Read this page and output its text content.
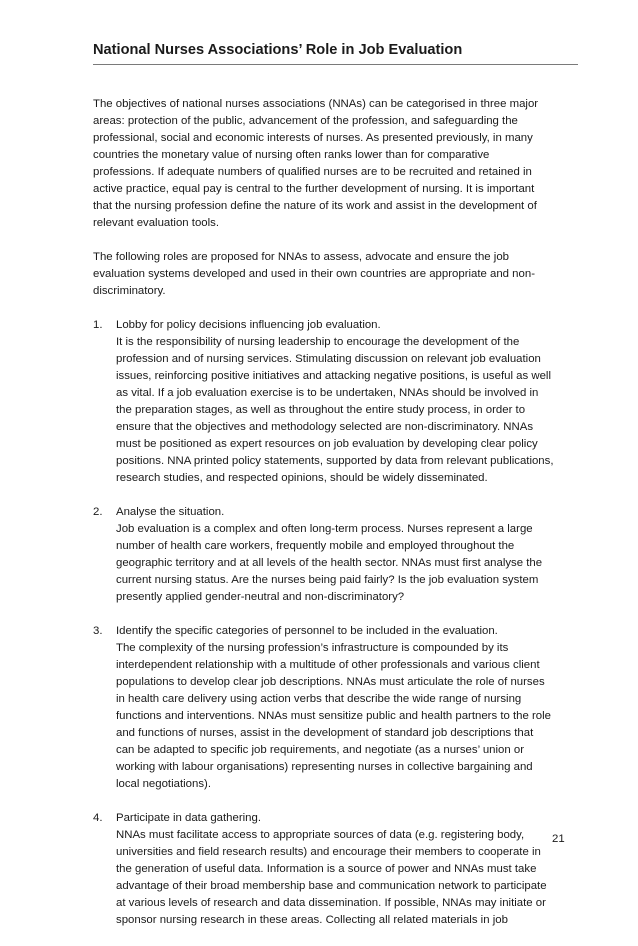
National Nurses Associations’ Role in Job Evaluation
The objectives of national nurses associations (NNAs) can be categorised in three major
areas: protection of the public, advancement of the profession, and safeguarding the
professional, social and economic interests of nurses. As presented previously, in many
countries the monetary value of nursing often ranks lower than for comparative
professions. If adequate numbers of qualified nurses are to be recruited and retained in
active practice, equal pay is central to the further development of nursing. It is important
that the nursing profession define the nature of its work and assist in the development of
relevant evaluation tools.
The following roles are proposed for NNAs to assess, advocate and ensure the job
evaluation systems developed and used in their own countries are appropriate and non-
discriminatory.
1. Lobby for policy decisions influencing job evaluation.
It is the responsibility of nursing leadership to encourage the development of the
profession and of nursing services. Stimulating discussion on relevant job evaluation
issues, reinforcing positive initiatives and attacking negative positions, is useful as well
as vital. If a job evaluation exercise is to be undertaken, NNAs should be involved in
the preparation stages, as well as throughout the entire study process, in order to
ensure that the objectives and methodology selected are non-discriminatory. NNAs
must be positioned as expert resources on job evaluation by developing clear policy
positions. NNA printed policy statements, supported by data from relevant publications,
research studies, and respected opinions, should be widely disseminated.
2. Analyse the situation.
Job evaluation is a complex and often long-term process. Nurses represent a large
number of health care workers, frequently mobile and employed throughout the
geographic territory and at all levels of the health sector. NNAs must first analyse the
current nursing status. Are the nurses being paid fairly? Is the job evaluation system
presently applied gender-neutral and non-discriminatory?
3. Identify the specific categories of personnel to be included in the evaluation.
The complexity of the nursing profession’s infrastructure is compounded by its
interdependent relationship with a multitude of other professionals and various client
populations to develop clear job descriptions. NNAs must articulate the role of nurses
in health care delivery using action verbs that describe the wide range of nursing
functions and interventions. NNAs must sensitize public and health partners to the role
and functions of nurses, assist in the development of standard job descriptions that
can be adapted to specific job requirements, and negotiate (as a nurses’ union or
working with labour organisations) representing nurses in collective bargaining and
local negotiations).
4. Participate in data gathering.
NNAs must facilitate access to appropriate sources of data (e.g. registering body,
universities and field research results) and encourage their members to cooperate in
the generation of useful data. Information is a source of power and NNAs must take
advantage of their broad membership base and communication network to participate
at various levels of research and data dissemination. If possible, NNAs may initiate or
sponsor nursing research in these areas. Collecting all related materials in job
21
